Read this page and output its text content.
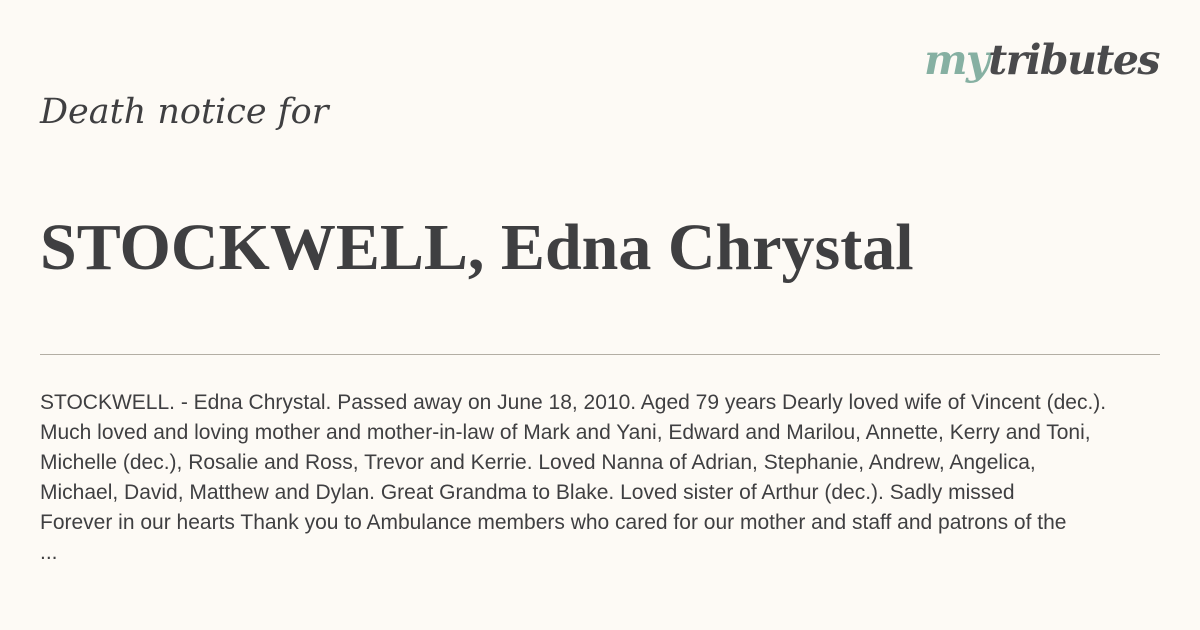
mytributes
Death notice for
STOCKWELL, Edna Chrystal

STOCKWELL. - Edna Chrystal. Passed away on June 18, 2010. Aged 79 years Dearly loved wife of Vincent (dec.).
Much loved and loving mother and mother-in-law of Mark and Yani, Edward and Marilou, Annette, Kerry and Toni,
Michelle (dec.), Rosalie and Ross, Trevor and Kerrie. Loved Nanna of Adrian, Stephanie, Andrew, Angelica,
Michael, David, Matthew and Dylan. Great Grandma to Blake. Loved sister of Arthur (dec.). Sadly missed
Forever in our hearts Thank you to Ambulance members who cared for our mother and staff and patrons of the
...
